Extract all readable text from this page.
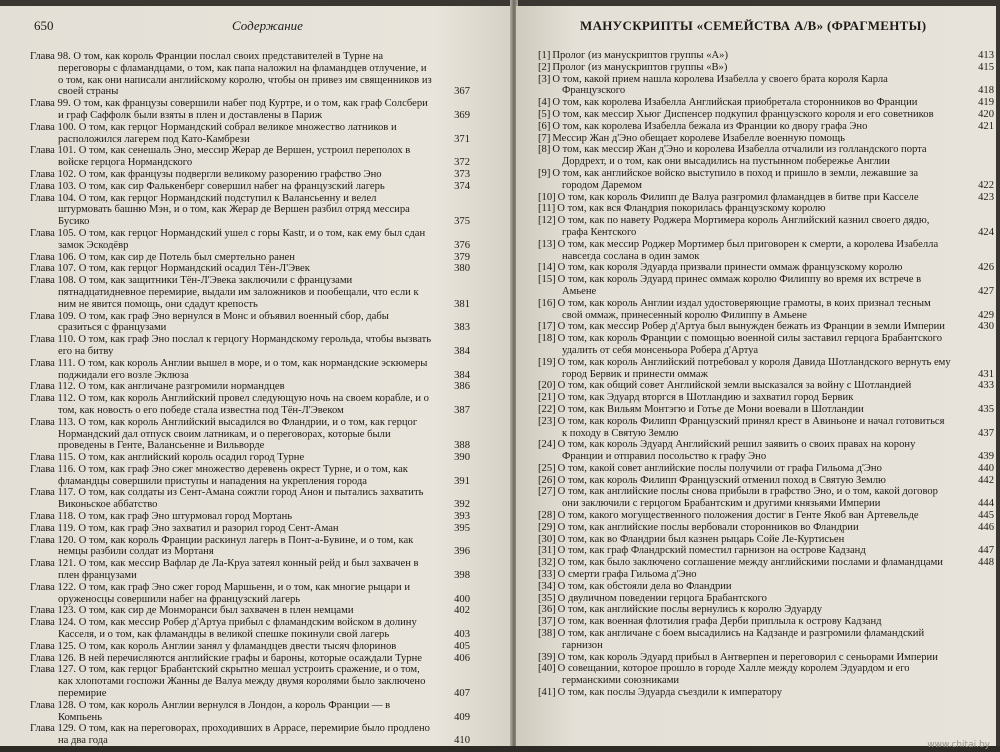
650	Содержание
Глава 98. О том, как король Франции послал своих представителей в Турне на переговоры с фламандцами, о том, как папа наложил на фламандцев отлучение, и о том, как они написали английскому королю, чтобы он привез им священников из своей страны	367
Глава 99. О том, как французы совершили набег под Куртре, и о том, как граф Солсбери и граф Саффолк были взяты в плен и доставлены в Париж	369
Глава 100. О том, как герцог Нормандский собрал великое множество латников и расположился лагерем под Като-Камбрези	371
Глава 101. О том, как сенешаль Эно, мессир Жерар де Вершен, устроил переполох в войске герцога Нормандского	372
Глава 102. О том, как французы подвергли великому разорению графство Эно	373
Глава 103. О том, как сир Фалькенберг совершил набег на французский лагерь	374
Глава 104. О том, как герцог Нормандский подступил к Валансьенну и велел штурмовать башню Мэн, и о том, как Жерар де Вершен разбил отряд мессира Бусико	375
Глава 105. О том, как герцог Нормандский ушел с горы Каstr, и о том, как ему был сдан замок Эскодёвр	376
Глава 106. О том, как сир де Потель был смертельно ранен	379
Глава 107. О том, как герцог Нормандский осадил Тён-Л'Эвек	380
Глава 108. О том, как защитники Тён-Л'Эвека заключили с французами пятнадцатидневное перемирие, выдали им заложников и пообещали, что если к ним не явится помощь, они сдадут крепость	381
Глава 109. О том, как граф Эно вернулся в Монс и объявил военный сбор, дабы сразиться с французами	383
Глава 110. О том, как граф Эно послал к герцогу Нормандскому герольда, чтобы вызвать его на битву	384
Глава 111. О том, как король Англии вышел в море, и о том, как нормандские эскюмеры поджидали его возле Эклюза	384
Глава 112. О том, как англичане разгромили нормандцев	386
Глава 112. О том, как король Английский провел следующую ночь на своем корабле, и о том, как новость о его победе стала известна под Тён-Л'Эвеком	387
Глава 113. О том, как король Английский высадился во Фландрии, и о том, как герцог Нормандский дал отпуск своим латникам, и о переговорах, которые были проведены в Генте, Валансьенне и Вильворде	388
Глава 115. О том, как английский король осадил город Турне	390
Глава 116. О том, как граф Эно сжег множество деревень окрест Турне, и о том, как фламандцы совершили приступы и нападения на укрепления города	391
Глава 117. О том, как солдаты из Сент-Амана сожгли город Анон и пытались захватить Виконьское аббатство	392
Глава 118. О том, как граф Эно штурмовал город Мортань	393
Глава 119. О том, как граф Эно захватил и разорил город Сент-Аман	395
Глава 120. О том, как король Франции раскинул лагерь в Понт-а-Бувине, и о том, как немцы разбили солдат из Мортаня	396
Глава 121. О том, как мессир Вафлар де Ла-Круа затеял конный рейд и был захвачен в плен французами	398
Глава 122. О том, как граф Эно сжег город Маршьенн, и о том, как многие рыцари и оруженосцы совершили набег на французский лагерь	400
Глава 123. О том, как сир де Монморанси был захвачен в плен немцами	402
Глава 124. О том, как мессир Робер д'Артуа прибыл с фламандским войском в долину Касселя, и о том, как фламандцы в великой спешке покинули свой лагерь	403
Глава 125. О том, как король Англии занял у фламандцев двести тысяч флоринов	405
Глава 126. В ней перечисляются английские графы и бароны, которые осаждали Турне	406
Глава 127. О том, как герцог Брабантский скрытно мешал устроить сражение, и о том, как хлопотами госпожи Жанны де Валуа между двумя королями было заключено перемирие	407
Глава 128. О том, как король Англии вернулся в Лондон, а король Франции — в Компьень	409
Глава 129. О том, как на переговорах, проходивших в Аррасе, перемирие было продлено на два года	410
МАНУСКРИПТЫ «СЕМЕЙСТВА А/В» (ФРАГМЕНТЫ)
[1] Пролог (из манускриптов группы «А»)	413
[2] Пролог (из манускриптов группы «В»)	415
[3] О том, какой прием нашла королева Изабелла у своего брата короля Карла Французского	418
[4] О том, как королева Изабелла Английская приобретала сторонников во Франции	419
[5] О том, как мессир Хьюг Диспенсер подкупил французского короля и его советников	420
[6] О том, как королева Изабелла бежала из Франции ко двору графа Эно	421
[7] Мессир Жан д'Эно обещает королеве Изабелле военную помощь
[8] О том, как мессир Жан д'Эно и королева Изабелла отчалили из голландского порта Дордрехт, и о том, как они высадились на пустынном побережье Англии
[9] О том, как английское войско выступило в поход и пришло в земли, лежавшие за городом Даремом	422
[10] О том, как король Филипп де Валуа разгромил фламандцев в битве при Касселе	423
[11] О том, как вся Фландрия покорилась французскому королю
[12] О том, как по навету Роджера Мортимера король Английский казнил своего дядю, графа Кентского	424
[13] О том, как мессир Роджер Мортимер был приговорен к смерти, а королева Изабелла навсегда сослана в один замок
[14] О том, как короля Эдуарда призвали принести оммаж французскому королю	426
[15] О том, как король Эдуард принес оммаж королю Филиппу во время их встрече в Амьене	427
[16] О том, как король Англии издал удостоверяющие грамоты, в коих признал тесным свой оммаж, принесенный королю Филиппу в Амьене	429
[17] О том, как мессир Робер д'Артуа был вынужден бежать из Франции в земли Империи	430
[18] О том, как король Франции с помощью военной силы заставил герцога Брабантского удалить от себя монсеньора Робера д'Артуа
[19] О том, как король Английский потребовал у короля Давида Шотландского вернуть ему город Бервик и принести оммаж	431
[20] О том, как общий совет Английской земли высказался за войну с Шотландией	433
[21] О том, как Эдуард вторгся в Шотландию и захватил город Бервик
[22] О том, как Вильям Монтэгю и Готье де Мони воевали в Шотландии	435
[23] О том, как король Филипп Французский принял крест в Авиньоне и начал готовиться к походу в Святую Землю	437
[24] О том, как король Эдуард Английский решил заявить о своих правах на корону Франции и отправил посольство к графу Эно	439
[25] О том, какой совет английские послы получили от графа Гильома д'Эно	440
[26] О том, как король Филипп Французский отменил поход в Святую Землю	442
[27] О том, как английские послы снова прибыли в графство Эно, и о том, какой договор они заключили с герцогом Брабантским и другими князьями Империи	444
[28] О том, какого могущественного положения достиг в Генте Якоб ван Артевельде	445
[29] О том, как английские послы вербовали сторонников во Фландрии	446
[30] О том, как во Фландрии был казнен рыцарь Сойе Ле-Куртисьен
[31] О том, как граф Фландрский поместил гарнизон на острове Кадзанд	447
[32] О том, как было заключено соглашение между английскими послами и фламандцами	448
[33] О смерти графа Гильома д'Эно
[34] О том, как обстояли дела во Фландрии
[35] О двуличном поведении герцога Брабантского
[36] О том, как английские послы вернулись к королю Эдуарду
[37] О том, как военная флотилия графа Дерби приплыла к острову Кадзанд
[38] О том, как англичане с боем высадились на Кадзанде и разгромили фламандский гарнизон
[39] О том, как король Эдуард прибыл в Антверпен и переговорил с сеньорами Империи
[40] О совещании, которое прошло в городе Халле между королем Эдуардом и его германскими союзниками
[41] О том, как послы Эдуарда съездили к императору
www.chitai.by
